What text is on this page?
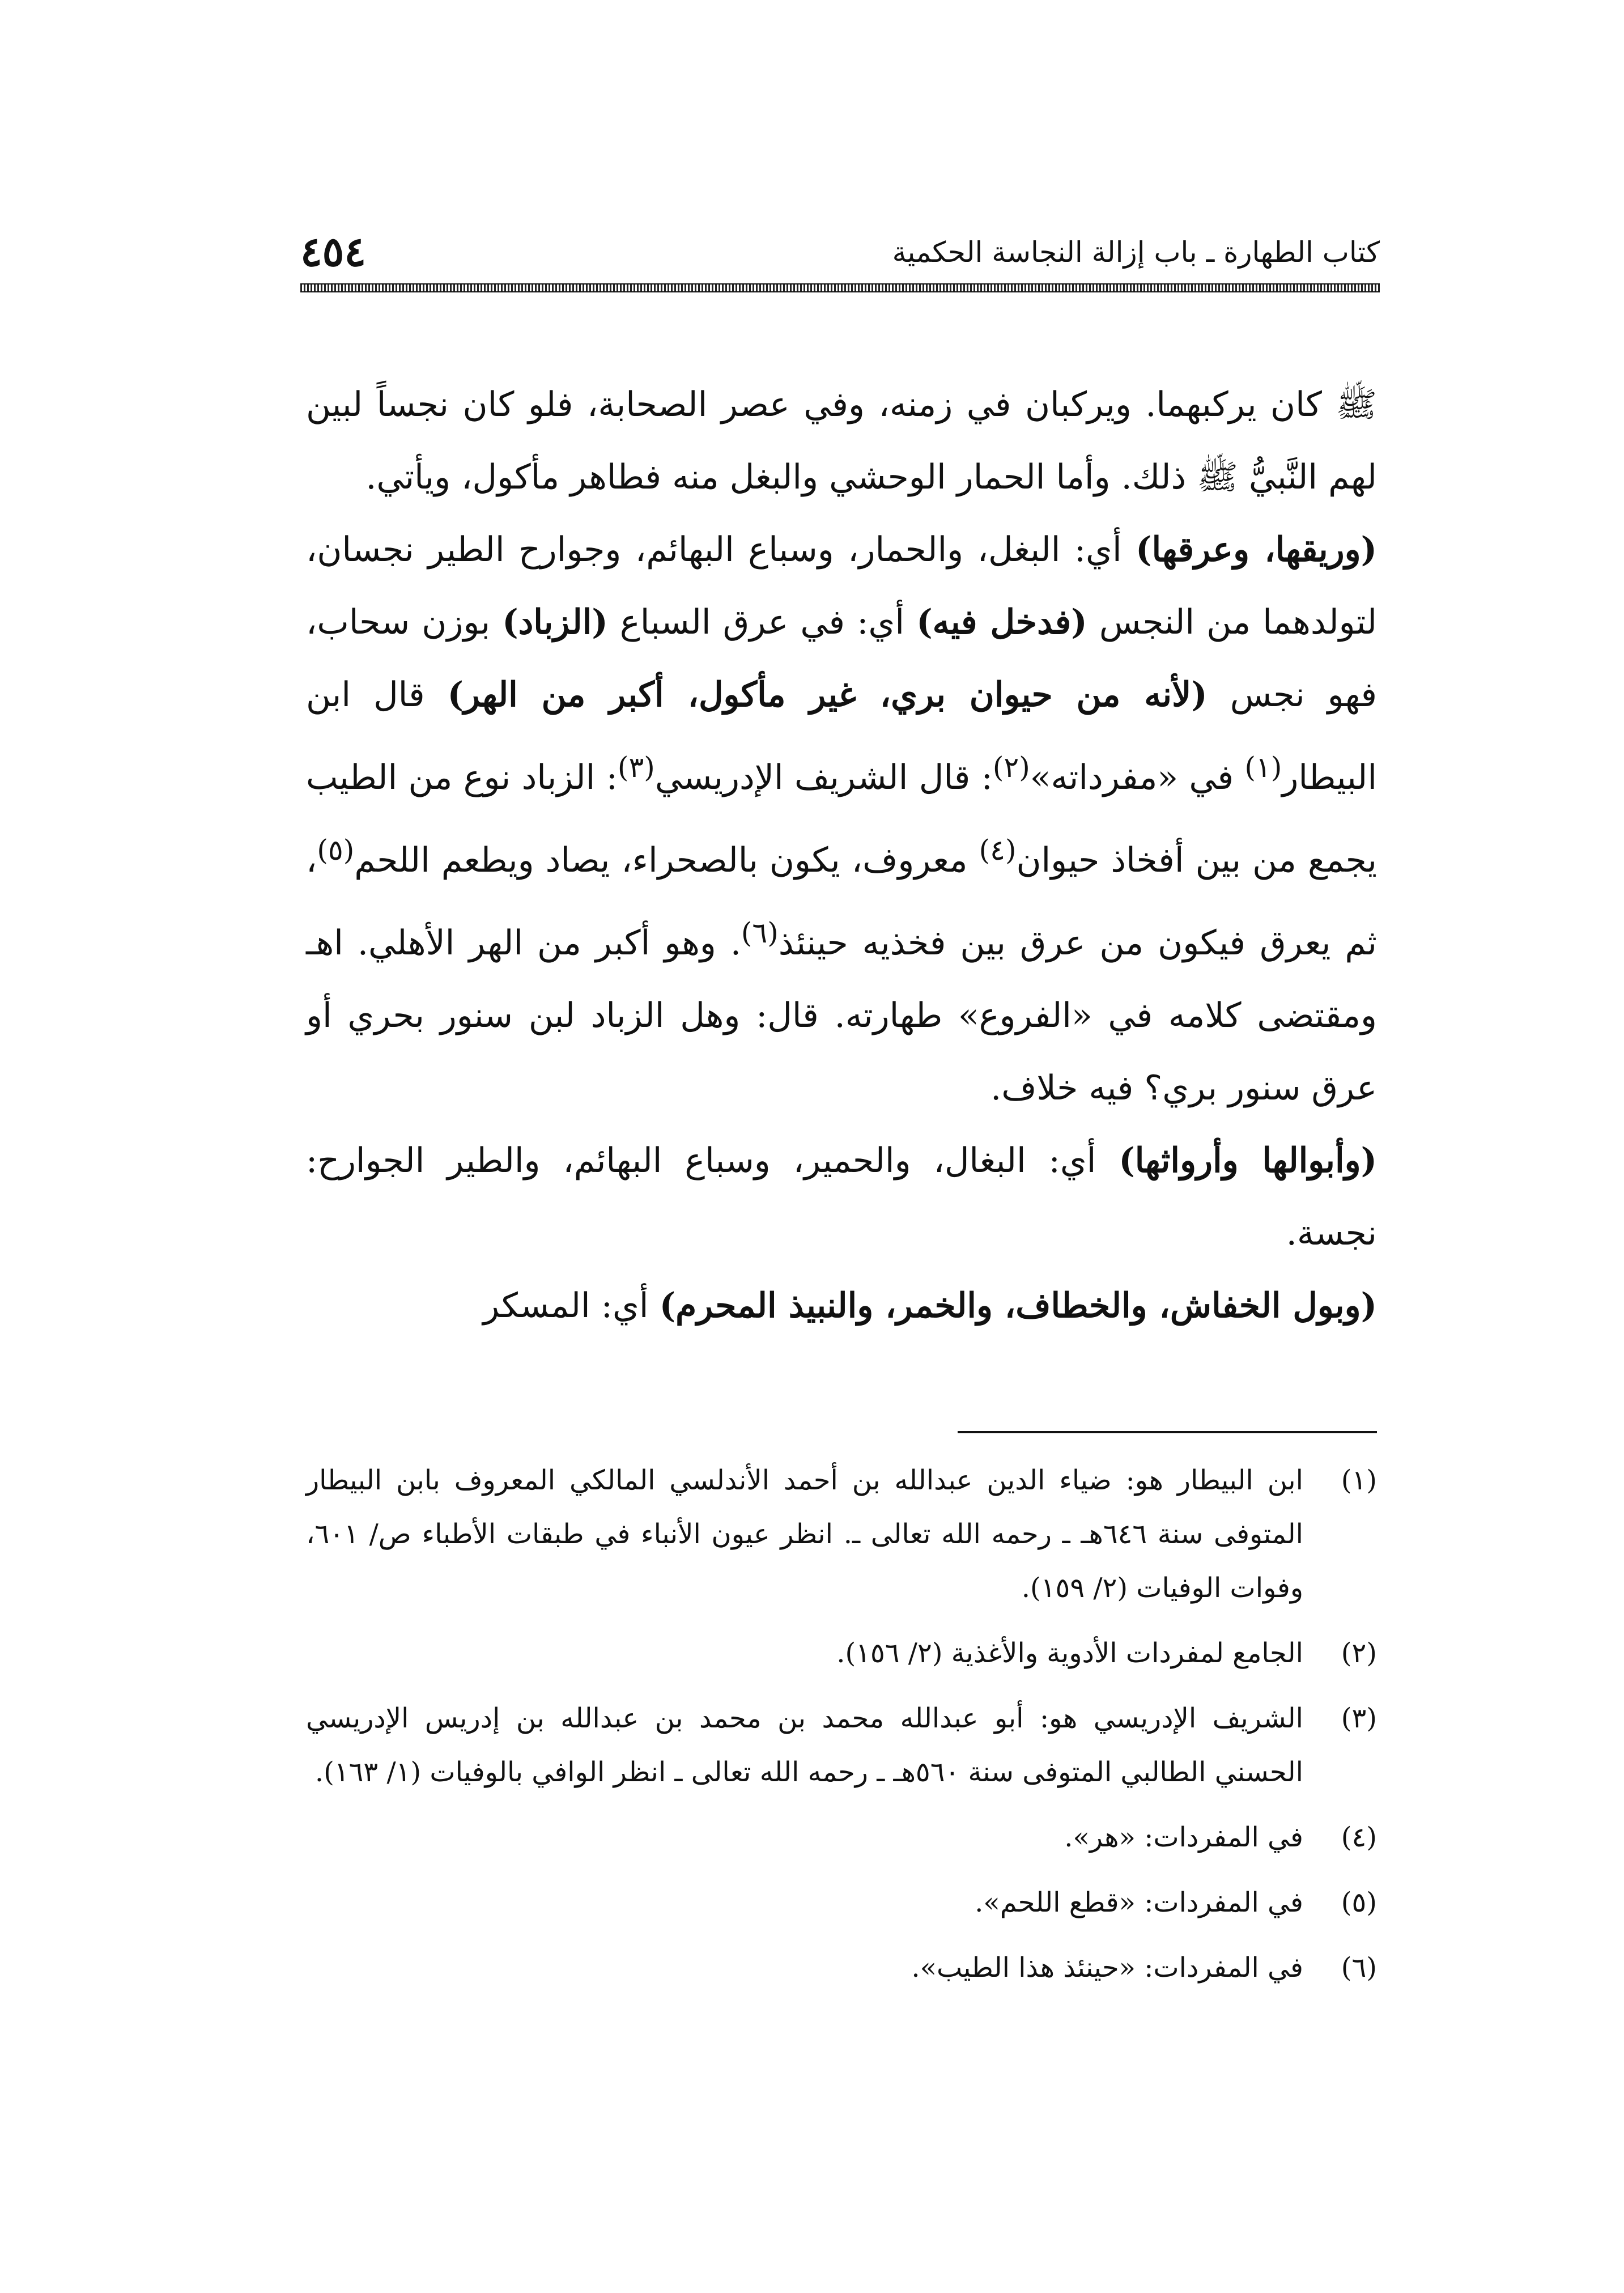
كتاب الطهارة ـ باب إزالة النجاسة الحكمية
٤٥٤

ﷺ كان يركبهما. ويركبان في زمنه، وفي عصر الصحابة، فلو كان نجساً لبين لهم النَّبيُّ ﷺ ذلك. وأما الحمار الوحشي والبغل منه فطاهر مأكول، ويأتي.

(وريقها، وعرقها) أي: البغل، والحمار، وسباع البهائم، وجوارح الطير نجسان، لتولدهما من النجس (فدخل فيه) أي: في عرق السباع (الزباد) بوزن سحاب، فهو نجس (لأنه من حيوان بري، غير مأكول، أكبر من الهر) قال ابن البيطار$^{(١)}$ في «مفرداته»$^{(٢)}$: قال الشريف الإدريسي$^{(٣)}$: الزباد نوع من الطيب يجمع من بين أفخاذ حيوان$^{(٤)}$ معروف، يكون بالصحراء، يصاد ويطعم اللحم$^{(٥)}$، ثم يعرق فيكون من عرق بين فخذيه حينئذ$^{(٦)}$. وهو أكبر من الهر الأهلي. اهـ ومقتضى كلامه في «الفروع» طهارته. قال: وهل الزباد لبن سنور بحري أو عرق سنور بري؟ فيه خلاف.

(وأبوالها وأرواثها) أي: البغال، والحمير، وسباع البهائم، والطير الجوارح: نجسة.

(وبول الخفاش، والخطاف، والخمر، والنبيذ المحرم) أي: المسكر

(١)
ابن البيطار هو: ضياء الدين عبدالله بن أحمد الأندلسي المالكي المعروف بابن البيطار المتوفى سنة ٦٤٦هـ ـ رحمه الله تعالى ـ. انظر عيون الأنباء في طبقات الأطباء ص/ ٦٠١، وفوات الوفيات (٢/ ١٥٩).
(٢)
الجامع لمفردات الأدوية والأغذية (٢/ ١٥٦).
(٣)
الشريف الإدريسي هو: أبو عبدالله محمد بن محمد بن عبدالله بن إدريس الإدريسي الحسني الطالبي المتوفى سنة ٥٦٠هـ ـ رحمه الله تعالى ـ انظر الوافي بالوفيات (١/ ١٦٣).
(٤)
في المفردات: «هر».
(٥)
في المفردات: «قطع اللحم».
(٦)
في المفردات: «حينئذ هذا الطيب».
